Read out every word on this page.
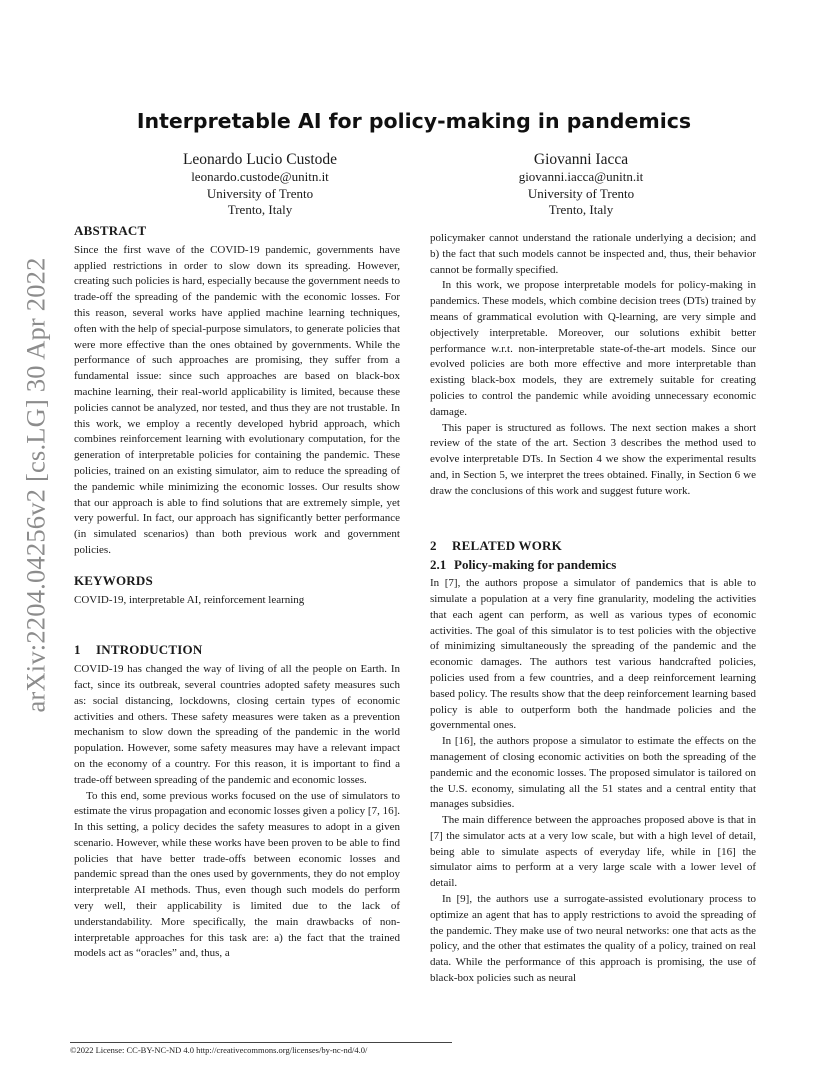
arXiv:2204.04256v2 [cs.LG] 30 Apr 2022
Interpretable AI for policy-making in pandemics
Leonardo Lucio Custode
leonardo.custode@unitn.it
University of Trento
Trento, Italy
Giovanni Iacca
giovanni.iacca@unitn.it
University of Trento
Trento, Italy
ABSTRACT

Since the first wave of the COVID-19 pandemic, governments have applied restrictions in order to slow down its spreading. However, creating such policies is hard, especially because the government needs to trade-off the spreading of the pandemic with the economic losses. For this reason, several works have applied machine learning techniques, often with the help of special-purpose simulators, to generate policies that were more effective than the ones obtained by governments. While the performance of such approaches are promising, they suffer from a fundamental issue: since such approaches are based on black-box machine learning, their real-world applicability is limited, because these policies cannot be analyzed, nor tested, and thus they are not trustable. In this work, we employ a recently developed hybrid approach, which combines reinforcement learning with evolutionary computation, for the generation of interpretable policies for containing the pandemic. These policies, trained on an existing simulator, aim to reduce the spreading of the pandemic while minimizing the economic losses. Our results show that our approach is able to find solutions that are extremely simple, yet very powerful. In fact, our approach has significantly better performance (in simulated scenarios) than both previous work and government policies.

KEYWORDS

COVID-19, interpretable AI, reinforcement learning

1 INTRODUCTION

COVID-19 has changed the way of living of all the people on Earth. In fact, since its outbreak, several countries adopted safety measures such as: social distancing, lockdowns, closing certain types of economic activities and others. These safety measures were taken as a prevention mechanism to slow down the spreading of the pandemic in the world population. However, some safety measures may have a relevant impact on the economy of a country. For this reason, it is important to find a trade-off between spreading of the pandemic and economic losses.

To this end, some previous works focused on the use of simulators to estimate the virus propagation and economic losses given a policy [7, 16]. In this setting, a policy decides the safety measures to adopt in a given scenario. However, while these works have been proven to be able to find policies that have better trade-offs between economic losses and pandemic spread than the ones used by governments, they do not employ interpretable AI methods. Thus, even though such models do perform very well, their applicability is limited due to the lack of understandability. More specifically, the main drawbacks of non-interpretable approaches for this task are: a) the fact that the trained models act as “oracles” and, thus, a

policymaker cannot understand the rationale underlying a decision; and b) the fact that such models cannot be inspected and, thus, their behavior cannot be formally specified.

In this work, we propose interpretable models for policy-making in pandemics. These models, which combine decision trees (DTs) trained by means of grammatical evolution with Q-learning, are very simple and objectively interpretable. Moreover, our solutions exhibit better performance w.r.t. non-interpretable state-of-the-art models. Since our evolved policies are both more effective and more interpretable than existing black-box models, they are extremely suitable for creating policies to control the pandemic while avoiding unnecessary economic damage.

This paper is structured as follows. The next section makes a short review of the state of the art. Section 3 describes the method used to evolve interpretable DTs. In Section 4 we show the experimental results and, in Section 5, we interpret the trees obtained. Finally, in Section 6 we draw the conclusions of this work and suggest future work.

2 RELATED WORK
2.1 Policy-making for pandemics

In [7], the authors propose a simulator of pandemics that is able to simulate a population at a very fine granularity, modeling the activities that each agent can perform, as well as various types of economic activities. The goal of this simulator is to test policies with the objective of minimizing simultaneously the spreading of the pandemic and the economic damages. The authors test various handcrafted policies, policies used from a few countries, and a deep reinforcement learning based policy. The results show that the deep reinforcement learning based policy is able to outperform both the handmade policies and the governmental ones.

In [16], the authors propose a simulator to estimate the effects on the management of closing economic activities on both the spreading of the pandemic and the economic losses. The proposed simulator is tailored on the U.S. economy, simulating all the 51 states and a central entity that manages subsidies.

The main difference between the approaches proposed above is that in [7] the simulator acts at a very low scale, but with a high level of detail, being able to simulate aspects of everyday life, while in [16] the simulator aims to perform at a very large scale with a lower level of detail.

In [9], the authors use a surrogate-assisted evolutionary process to optimize an agent that has to apply restrictions to avoid the spreading of the pandemic. They make use of two neural networks: one that acts as the policy, and the other that estimates the quality of a policy, trained on real data. While the performance of this approach is promising, the use of black-box policies such as neural

©2022 License: CC-BY-NC-ND 4.0 http://creativecommons.org/licenses/by-nc-nd/4.0/
